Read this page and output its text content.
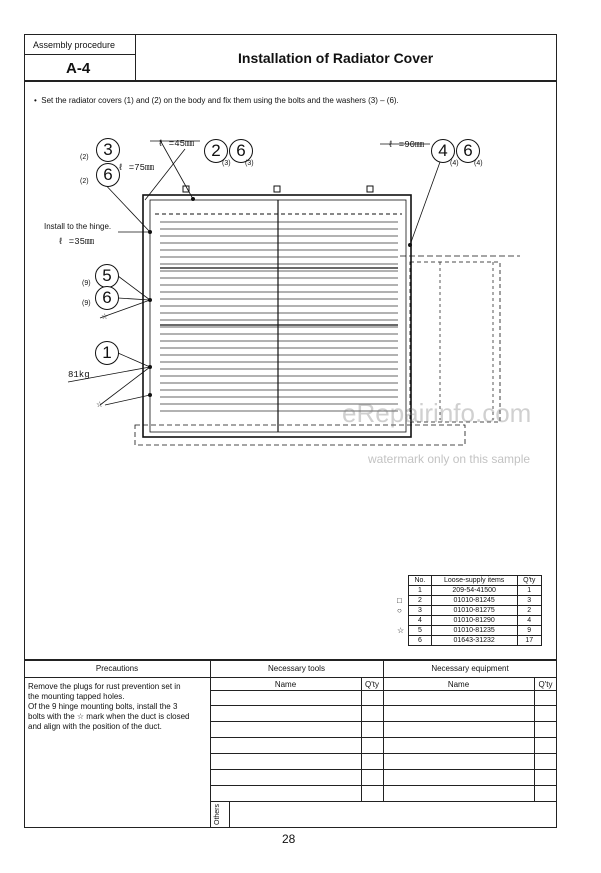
Assembly procedure
A-4
Installation of Radiator Cover
•  Set the radiator covers (1) and (2) on the body and fix them using the bolts and the washers (3) – (6).
3
6
2 6	4 6
5
6
1
ℓ =45㎜
ℓ =75㎜
ℓ =90㎜
ℓ =35㎜
Install to the hinge.
81kg
(2)
(2)
(3) (3)	(4) (4)
(9)
(9)
☆
☆	eRepairinfo.com
watermark only on this sample
□
○
☆
No.	Loose-supply items	Q'ty
1	209-54-41500	1
2	01010-81245	3
3	01010-81275	2
4	01010-81290	4
5	01010-81235	9
6	01643-31232	17
Precautions	Necessary tools	Necessary equipment
Name	Q'ty	Name	Q'ty
Others
Remove the plugs for rust prevention set in
the mounting tapped holes.
Of the 9 hinge mounting bolts, install the 3
bolts with the ☆ mark when the duct is closed
and align with the position of the duct.
28
